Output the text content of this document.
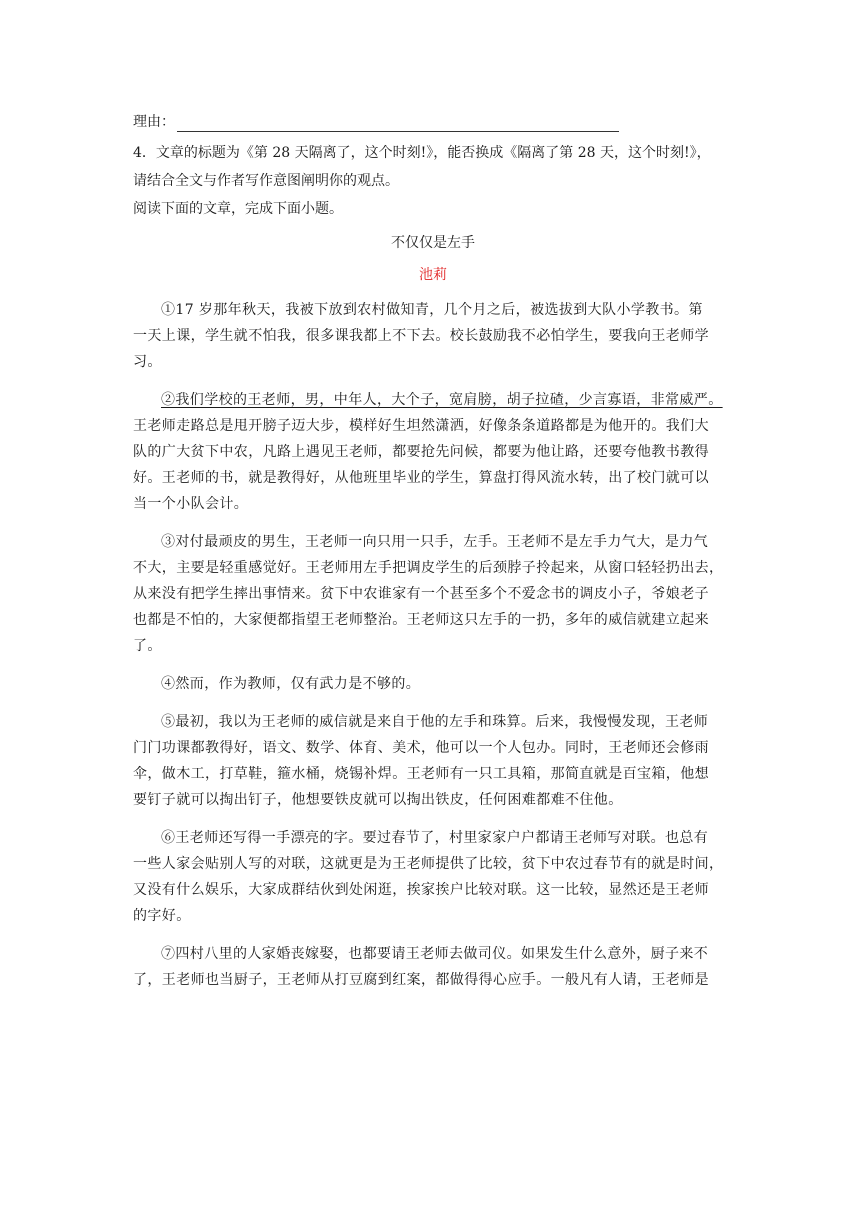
理由：

4．文章的标题为《第 28 天隔离了，这个时刻!》，能否换成《隔离了第 28 天，这个时刻!》，

请结合全文与作者写作意图阐明你的观点。

阅读下面的文章，完成下面小题。

不仅仅是左手

池莉

①17 岁那年秋天，我被下放到农村做知青，几个月之后，被选拔到大队小学教书。第

一天上课，学生就不怕我，很多课我都上不下去。校长鼓励我不必怕学生，要我向王老师学

习。

②我们学校的王老师，男，中年人，大个子，宽肩膀，胡子拉碴，少言寡语，非常威严。

王老师走路总是甩开膀子迈大步，模样好生坦然潇洒，好像条条道路都是为他开的。我们大

队的广大贫下中农，凡路上遇见王老师，都要抢先问候，都要为他让路，还要夸他教书教得

好。王老师的书，就是教得好，从他班里毕业的学生，算盘打得风流水转，出了校门就可以

当一个小队会计。

③对付最顽皮的男生，王老师一向只用一只手，左手。王老师不是左手力气大，是力气

不大，主要是轻重感觉好。王老师用左手把调皮学生的后颈脖子拎起来，从窗口轻轻扔出去，

从来没有把学生摔出事情来。贫下中农谁家有一个甚至多个不爱念书的调皮小子，爷娘老子

也都是不怕的，大家便都指望王老师整治。王老师这只左手的一扔，多年的威信就建立起来

了。

④然而，作为教师，仅有武力是不够的。

⑤最初，我以为王老师的威信就是来自于他的左手和珠算。后来，我慢慢发现，王老师

门门功课都教得好，语文、数学、体育、美术，他可以一个人包办。同时，王老师还会修雨

伞，做木工，打草鞋，箍水桶，烧锡补焊。王老师有一只工具箱，那简直就是百宝箱，他想

要钉子就可以掏出钉子，他想要铁皮就可以掏出铁皮，任何困难都难不住他。

⑥王老师还写得一手漂亮的字。要过春节了，村里家家户户都请王老师写对联。也总有

一些人家会贴别人写的对联，这就更是为王老师提供了比较，贫下中农过春节有的就是时间，

又没有什么娱乐，大家成群结伙到处闲逛，挨家挨户比较对联。这一比较，显然还是王老师

的字好。

⑦四村八里的人家婚丧嫁娶，也都要请王老师去做司仪。如果发生什么意外，厨子来不

了，王老师也当厨子，王老师从打豆腐到红案，都做得得心应手。一般凡有人请，王老师是
